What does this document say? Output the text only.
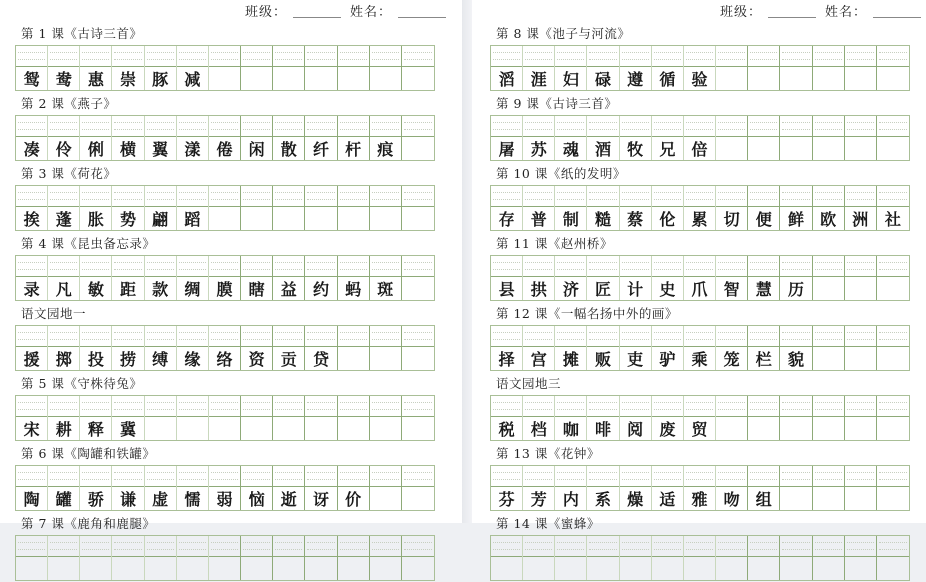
班级：	姓名：
第 1 课《古诗三首》
鸳	鸯	惠	崇	豚	减
第 2 课《燕子》
凑	伶	俐	横	翼	漾	倦	闲	散	纤	杆	痕
第 3 课《荷花》
挨	蓬	胀	势	翩	蹈
第 4 课《昆虫备忘录》
录	凡	敏	距	款	绸	膜	瞎	益	约	蚂	斑
语文园地一
援	掷	投	捞	缚	缘	络	资	贡	贷
第 5 课《守株待兔》
宋	耕	释	冀
第 6 课《陶罐和铁罐》
陶	罐	骄	谦	虚	懦	弱	恼	逝	讶	价
第 7 课《鹿角和鹿腿》
班级：	姓名：
第 8 课《池子与河流》
滔	涯	妇	碌	遵	循	验
第 9 课《古诗三首》
屠	苏	魂	酒	牧	兄	倍
第 10 课《纸的发明》
存	普	制	糙	蔡	伦	累	切	便	鲜	欧	洲	社
第 11 课《赵州桥》
县	拱	济	匠	计	史	爪	智	慧	历
第 12 课《一幅名扬中外的画》
择	宫	摊	贩	吏	驴	乘	笼	栏	貌
语文园地三
税	档	咖	啡	阅	废	贸
第 13 课《花钟》
芬	芳	内	系	燥	适	雅	吻	组
第 14 课《蜜蜂》
